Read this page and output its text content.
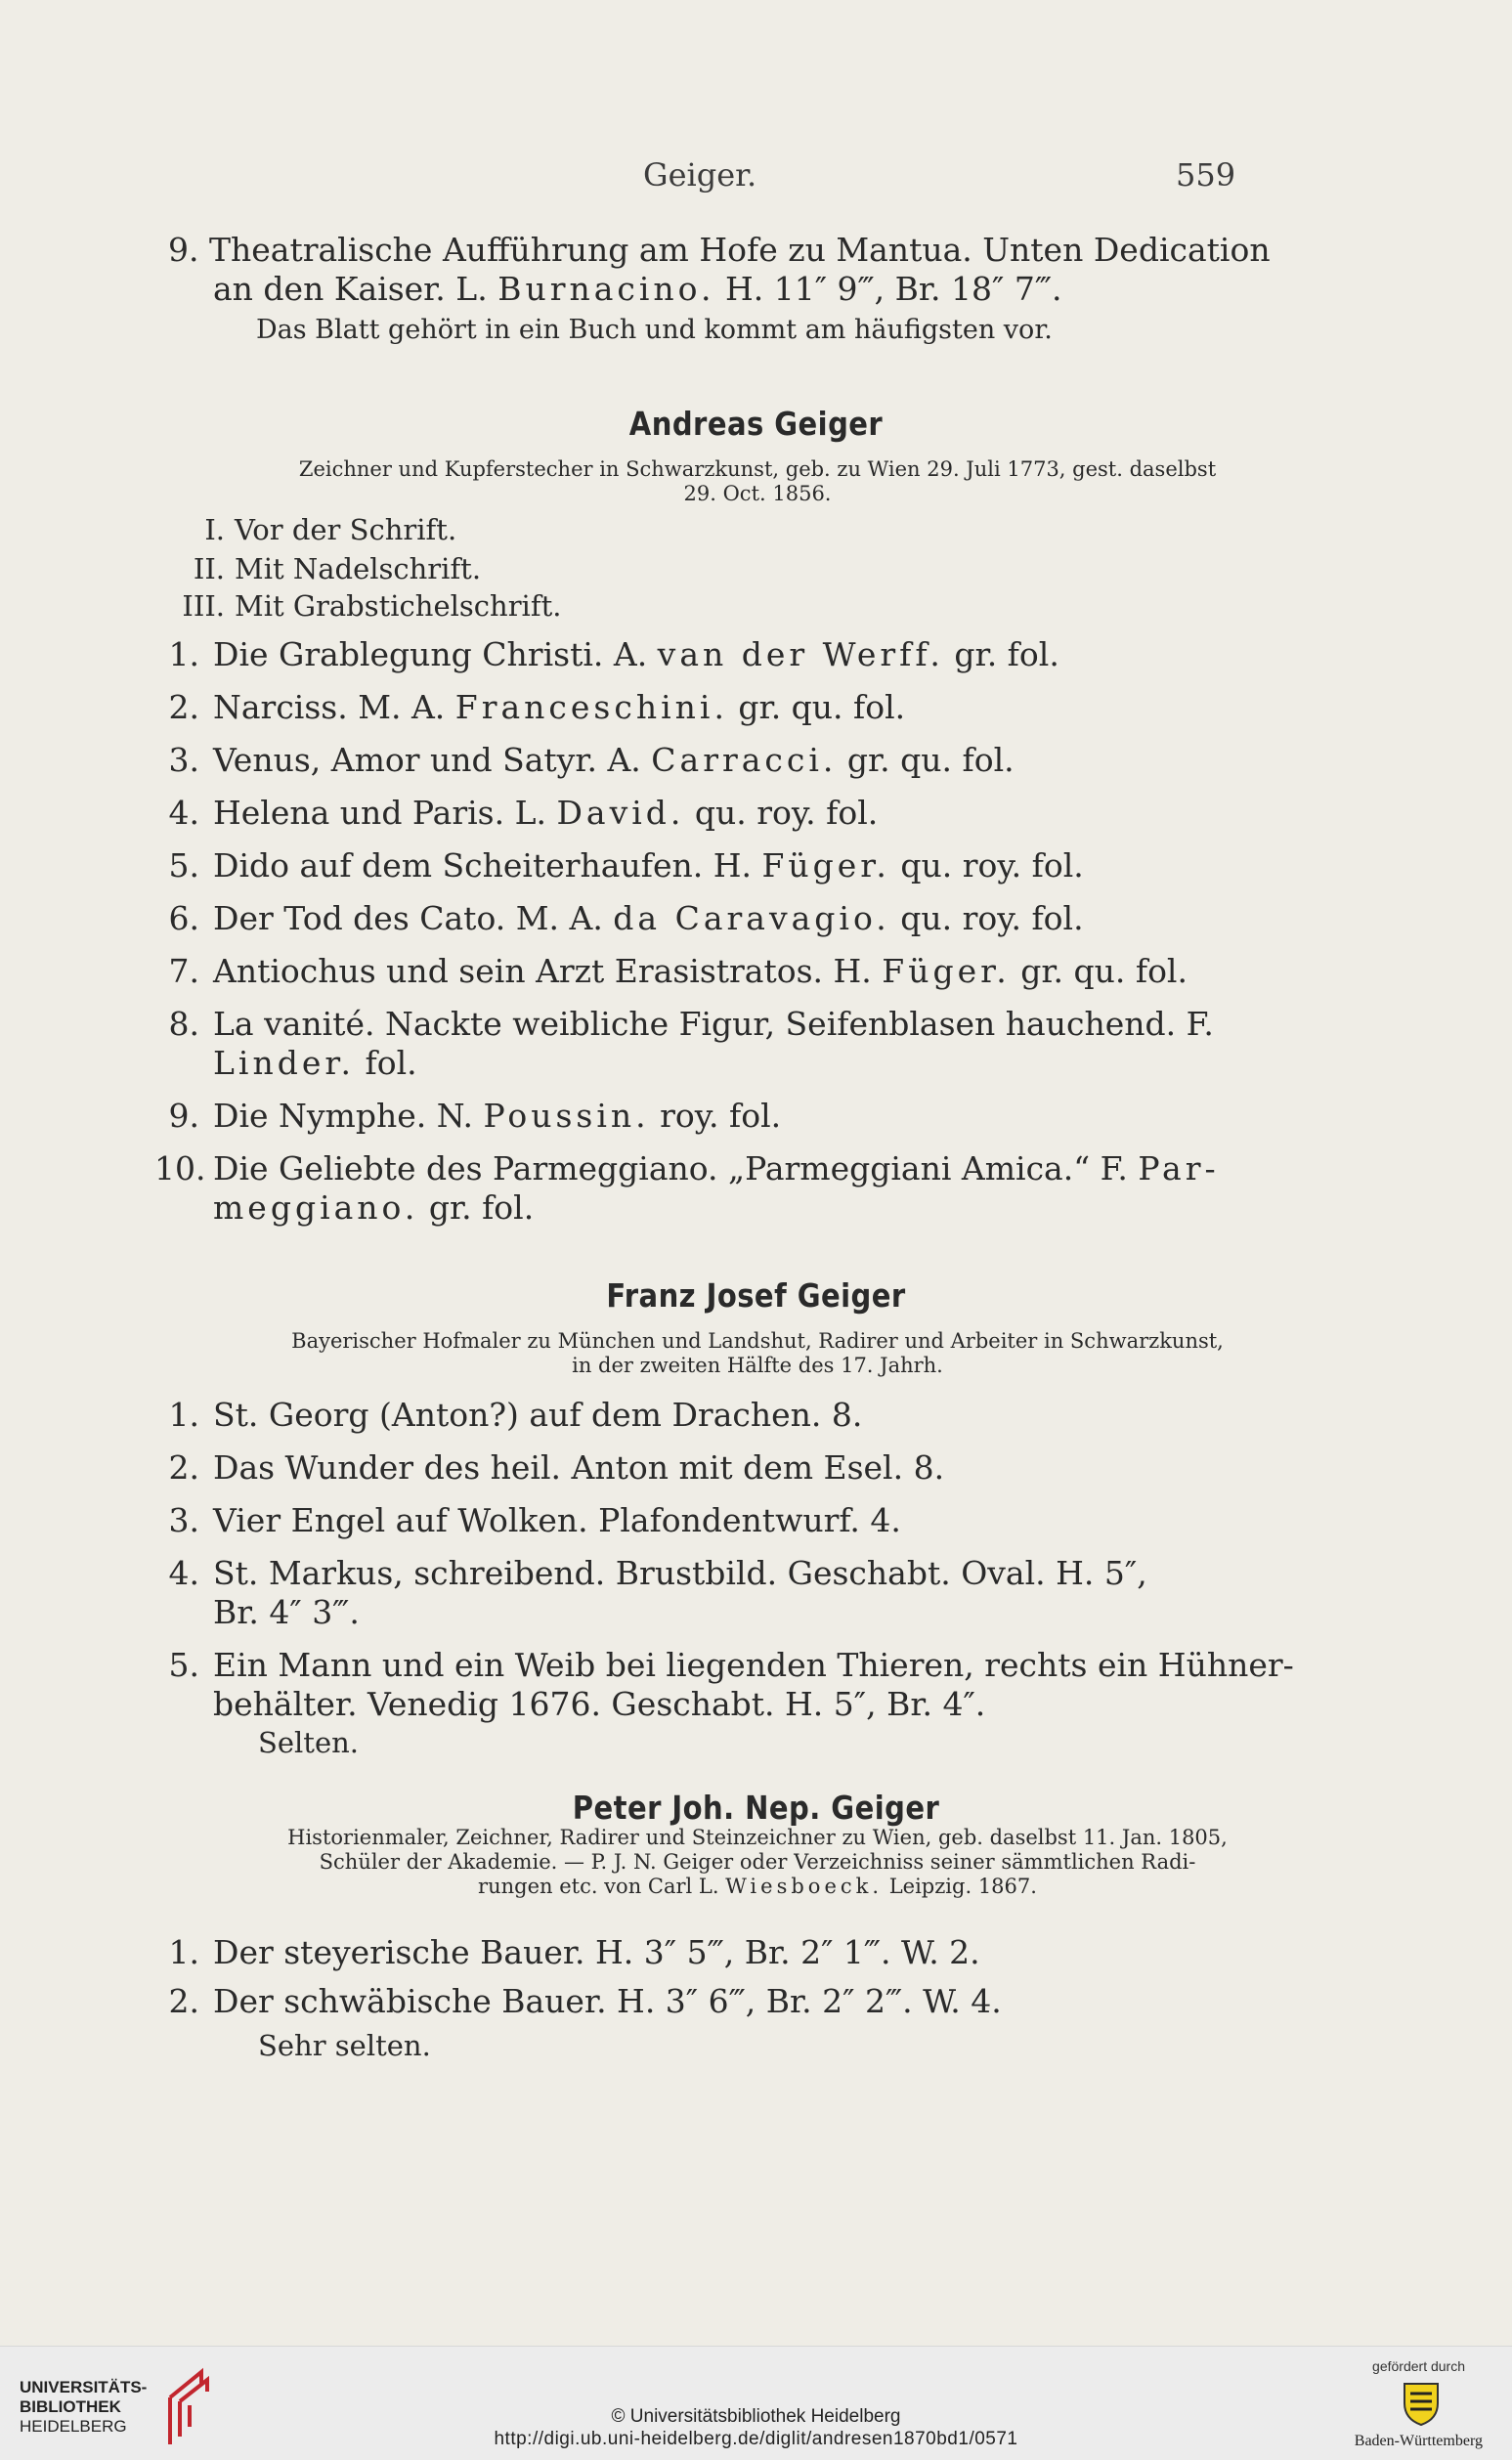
Geiger.	559
9. Theatralische Aufführung am Hofe zu Mantua. Unten Dedication
an den Kaiser. L. Burnacino. H. 11″ 9‴, Br. 18″ 7‴.
Das Blatt gehört in ein Buch und kommt am häufigsten vor.
Andreas Geiger
Zeichner und Kupferstecher in Schwarzkunst, geb. zu Wien 29. Juli 1773, gest. daselbst
29. Oct. 1856.
I. Vor der Schrift.
II. Mit Nadelschrift.
III. Mit Grabstichelschrift.
1. Die Grablegung Christi. A. van der Werff. gr. fol.
2. Narciss. M. A. Franceschini. gr. qu. fol.
3. Venus, Amor und Satyr. A. Carracci. gr. qu. fol.
4. Helena und Paris. L. David. qu. roy. fol.
5. Dido auf dem Scheiterhaufen. H. Füger. qu. roy. fol.
6. Der Tod des Cato. M. A. da Caravagio. qu. roy. fol.
7. Antiochus und sein Arzt Erasistratos. H. Füger. gr. qu. fol.
8. La vanité. Nackte weibliche Figur, Seifenblasen hauchend. F.
Linder. fol.
9. Die Nymphe. N. Poussin. roy. fol.
10. Die Geliebte des Parmeggiano. „Parmeggiani Amica.“ F. Par-
meggiano. gr. fol.
Franz Josef Geiger
Bayerischer Hofmaler zu München und Landshut, Radirer und Arbeiter in Schwarzkunst,
in der zweiten Hälfte des 17. Jahrh.
1. St. Georg (Anton?) auf dem Drachen. 8.
2. Das Wunder des heil. Anton mit dem Esel. 8.
3. Vier Engel auf Wolken. Plafondentwurf. 4.
4. St. Markus, schreibend. Brustbild. Geschabt. Oval. H. 5″,
Br. 4″ 3‴.
5. Ein Mann und ein Weib bei liegenden Thieren, rechts ein Hühner-
behälter. Venedig 1676. Geschabt. H. 5″, Br. 4″.
Selten.
Peter Joh. Nep. Geiger
Historienmaler, Zeichner, Radirer und Steinzeichner zu Wien, geb. daselbst 11. Jan. 1805,
Schüler der Akademie. — P. J. N. Geiger oder Verzeichniss seiner sämmtlichen Radi-
rungen etc. von Carl L. Wiesboeck. Leipzig. 1867.
1. Der steyerische Bauer. H. 3″ 5‴, Br. 2″ 1‴. W. 2.
2. Der schwäbische Bauer. H. 3″ 6‴, Br. 2″ 2‴. W. 4.
Sehr selten.
UNIVERSITÄTS-
BIBLIOTHEK
HEIDELBERG	© Universitätsbibliothek Heidelberg
http://digi.ub.uni-heidelberg.de/diglit/andresen1870bd1/0571
gefördert durch
Baden-Württemberg
